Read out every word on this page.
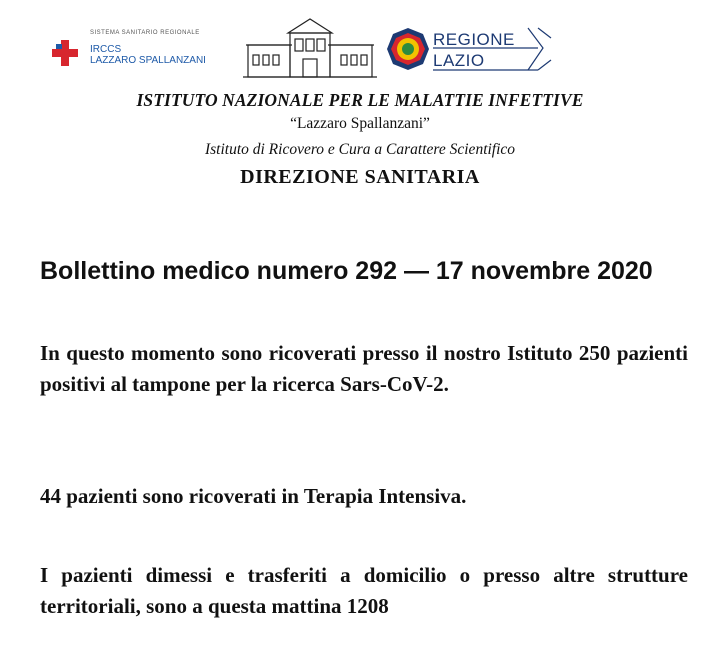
SISTEMA SANITARIO REGIONALE
IRCCS
LAZZARO SPALLANZANI
REGIONE
LAZIO
ISTITUTO NAZIONALE PER LE MALATTIE INFETTIVE
“Lazzaro Spallanzani”
Istituto di Ricovero e Cura a Carattere Scientifico
DIREZIONE SANITARIA
Bollettino medico numero 292 — 17 novembre 2020
In questo momento sono ricoverati presso il nostro Istituto 250 pazienti positivi al tampone per la ricerca Sars-CoV-2.
44 pazienti sono ricoverati in Terapia Intensiva.
I pazienti dimessi e trasferiti a domicilio o presso altre strutture territoriali, sono a questa mattina 1208
